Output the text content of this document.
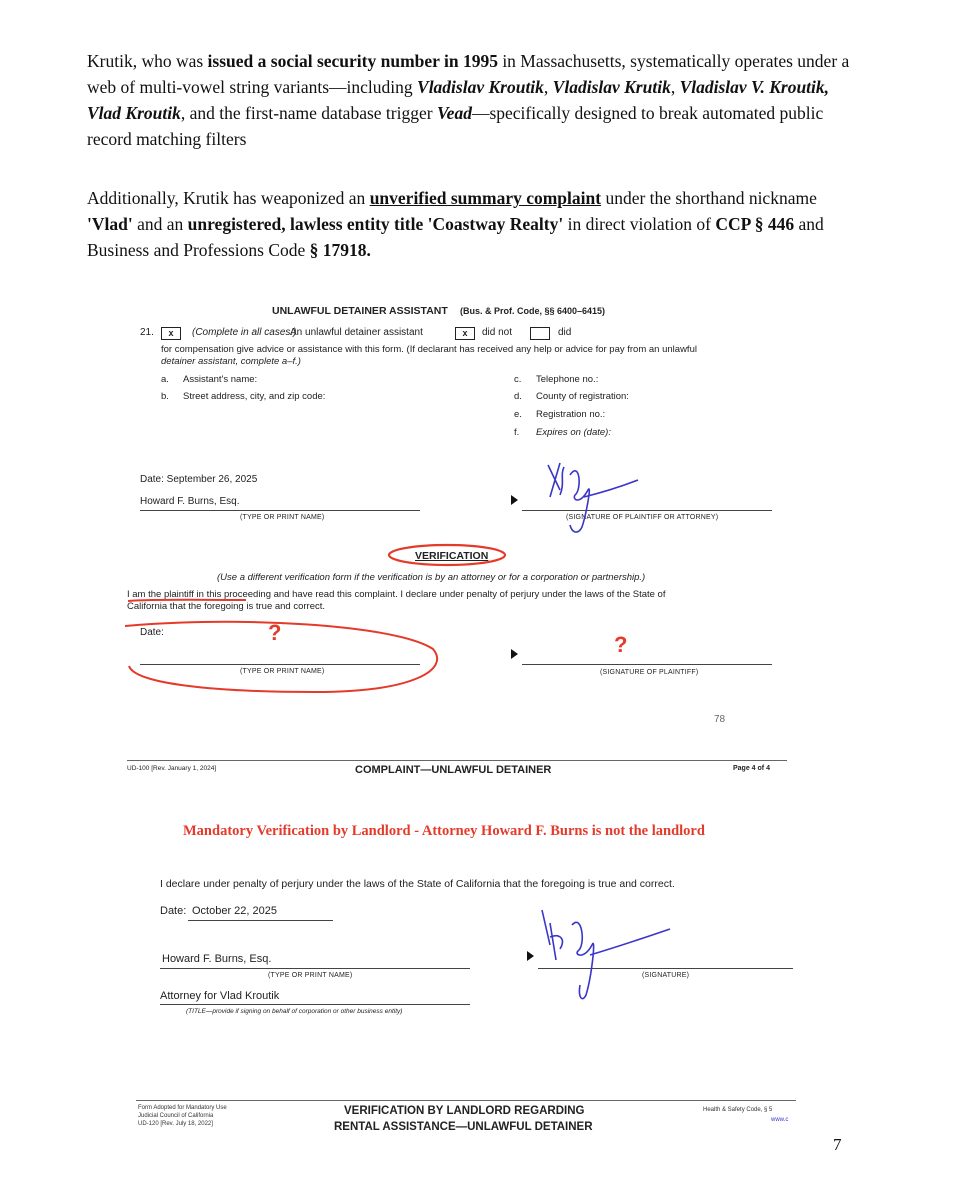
Krutik, who was issued a social security number in 1995 in Massachusetts, systematically operates under a web of multi-vowel string variants—including Vladislav Kroutik, Vladislav Krutik, Vladislav V. Kroutik, Vlad Kroutik, and the first-name database trigger Vead—specifically designed to break automated public record matching filters
Additionally, Krutik has weaponized an unverified summary complaint under the shorthand nickname 'Vlad' and an unregistered, lawless entity title 'Coastway Realty' in direct violation of CCP § 446 and Business and Professions Code § 17918.
UNLAWFUL DETAINER ASSISTANT (Bus. & Prof. Code, §§ 6400–6415)
21.	x	(Complete in all cases.)
An unlawful detainer assistant	x	did not	did
for compensation give advice or assistance with this form. (If declarant has received any help or advice for pay from an unlawful
detainer assistant, complete a–f.)
a. Assistant's name:
b. Street address, city, and zip code:
c. Telephone no.:
d. County of registration:
e. Registration no.:
f. Expires on (date):
Date: September 26, 2025
Howard F. Burns, Esq.
(TYPE OR PRINT NAME)	(SIGNATURE OF PLAINTIFF OR ATTORNEY)
VERIFICATION
(Use a different verification form if the verification is by an attorney or for a corporation or partnership.)
I am the plaintiff in this proceeding and have read this complaint. I declare under penalty of perjury under the laws of the State of
California that the foregoing is true and correct.
Date:	?
(TYPE OR PRINT NAME)
?
(SIGNATURE OF PLAINTIFF)
78
UD-100 [Rev. January 1, 2024]	COMPLAINT—UNLAWFUL DETAINER	Page 4 of 4
Mandatory Verification by Landlord - Attorney Howard F. Burns is not the landlord
I declare under penalty of perjury under the laws of the State of California that the foregoing is true and correct.
Date: October 22, 2025
Howard F. Burns, Esq.
(TYPE OR PRINT NAME)
Attorney for Vlad Kroutik
(TITLE—provide if signing on behalf of corporation or other business entity)
(SIGNATURE)
Form Adopted for Mandatory Use
Judicial Council of California
UD-120 [Rev. July 18, 2022]
VERIFICATION BY LANDLORD REGARDING
RENTAL ASSISTANCE—UNLAWFUL DETAINER
Health & Safety Code, § 5
www.c
7
